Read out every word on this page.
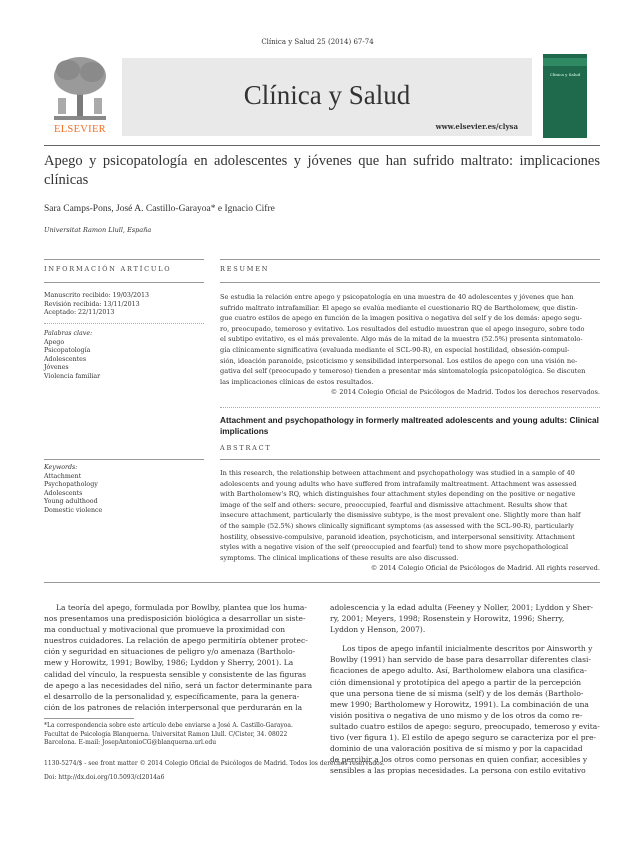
Clínica y Salud 25 (2014) 67-74
ELSEVIER
Clínica y Salud
www.elsevier.es/clysa
Clínica y Salud
Apego y psicopatología en adolescentes y jóvenes que han sufrido maltrato: implicaciones clínicas
Sara Camps-Pons, José A. Castillo-Garayoa* e Ignacio Cifre
Universitat Ramon Llull, España
INFORMACIÓN ARTÍCULO	RESUMEN

Manuscrito recibido: 19/03/2013

Revisión recibida: 13/11/2013

Aceptado: 22/11/2013

Palabras clave:

Apego

Psicopatología

Adolescentes

Jóvenes

Violencia familiar

Se estudia la relación entre apego y psicopatología en una muestra de 40 adolescentes y jóvenes que han

sufrido maltrato intrafamiliar. El apego se evalúa mediante el cuestionario RQ de Bartholomew, que distin-

gue cuatro estilos de apego en función de la imagen positiva o negativa del self y de los demás: apego segu-

ro, preocupado, temeroso y evitativo. Los resultados del estudio muestran que el apego inseguro, sobre todo

el subtipo evitativo, es el más prevalente. Algo más de la mitad de la muestra (52.5%) presenta sintomatolo-

gía clínicamente significativa (evaluada mediante el SCL-90-R), en especial hostilidad, obsesión-compul-

sión, ideación paranoide, psicoticismo y sensibilidad interpersonal. Los estilos de apego con una visión ne-

gativa del self (preocupado y temeroso) tienden a presentar más sintomatología psicopatológica. Se discuten

las implicaciones clínicas de estos resultados.

© 2014 Colegio Oficial de Psicólogos de Madrid. Todos los derechos reservados.

Attachment and psychopathology in formerly maltreated adolescents and young adults: Clinical implications
ABSTRACT

Keywords:

Attachment

Psychopathology

Adolescents

Young adulthood

Domestic violence

In this research, the relationship between attachment and psychopathology was studied in a sample of 40

adolescents and young adults who have suffered from intrafamily maltreatment. Attachment was assessed

with Bartholomew's RQ, which distinguishes four attachment styles depending on the positive or negative

image of the self and others: secure, preoccupied, fearful and dismissive attachment. Results show that

insecure attachment, particularly the dismissive subtype, is the most prevalent one. Slightly more than half

of the sample (52.5%) shows clinically significant symptoms (as assessed with the SCL-90-R), particularly

hostility, obsessive-compulsive, paranoid ideation, psychoticism, and interpersonal sensitivity. Attachment

styles with a negative vision of the self (preoccupied and fearful) tend to show more psychopathological

symptoms. The clinical implications of these results are also discussed.

© 2014 Colegio Oficial de Psicólogos de Madrid. All rights reserved.

La teoría del apego, formulada por Bowlby, plantea que los huma-

nos presentamos una predisposición biológica a desarrollar un siste-

ma conductual y motivacional que promueve la proximidad con

nuestros cuidadores. La relación de apego permitiría obtener protec-

ción y seguridad en situaciones de peligro y/o amenaza (Bartholo-

mew y Horowitz, 1991; Bowlby, 1986; Lyddon y Sherry, 2001). La

calidad del vínculo, la respuesta sensible y consistente de las figuras

de apego a las necesidades del niño, será un factor determinante para

el desarrollo de la personalidad y, específicamente, para la genera-

ción de los patrones de relación interpersonal que perdurarán en la

adolescencia y la edad adulta (Feeney y Noller, 2001; Lyddon y Sher-

ry, 2001; Meyers, 1998; Rosenstein y Horowitz, 1996; Sherry,

Lyddon y Henson, 2007).

Los tipos de apego infantil inicialmente descritos por Ainsworth y

Bowlby (1991) han servido de base para desarrollar diferentes clasi-

ficaciones de apego adulto. Así, Bartholomew elabora una clasifica-

ción dimensional y prototípica del apego a partir de la percepción

que una persona tiene de sí misma (self) y de los demás (Bartholo-

mew 1990; Bartholomew y Horowitz, 1991). La combinación de una

visión positiva o negativa de uno mismo y de los otros da como re-

sultado cuatro estilos de apego: seguro, preocupado, temeroso y evita-

tivo (ver figura 1). El estilo de apego seguro se caracteriza por el pre-

dominio de una valoración positiva de sí mismo y por la capacidad

de percibir a los otros como personas en quien confiar, accesibles y

sensibles a las propias necesidades. La persona con estilo evitativo

*La correspondencia sobre este artículo debe enviarse a José A. Castillo-Garayoa.

Facultat de Psicologia Blanquerna. Universitat Ramon Llull. C/Cister, 34. 08022

Barcelona. E-mail: JosepAntonioCG@blanquerna.url.edu

1130-5274/$ - see front matter © 2014 Colegio Oficial de Psicólogos de Madrid. Todos los derechos reservados.
Doi: http://dx.doi.org/10.5093/cl2014a6
